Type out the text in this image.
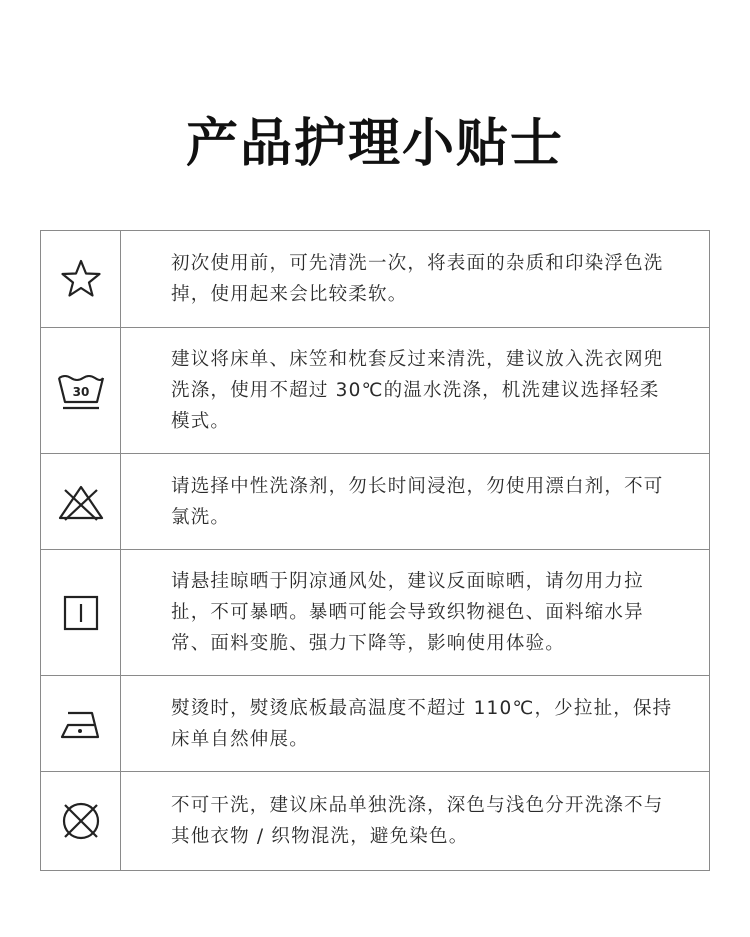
产品护理小贴士

初次使用前，可先清洗一次，将表面的杂质和印染浮色洗掉，使用起来会比较柔软。

30

建议将床单、床笠和枕套反过来清洗，建议放入洗衣网兜洗涤，使用不超过 30℃的温水洗涤，机洗建议选择轻柔模式。

请选择中性洗涤剂，勿长时间浸泡，勿使用漂白剂，不可氯洗。

请悬挂晾晒于阴凉通风处，建议反面晾晒，请勿用力拉扯，不可暴晒。暴晒可能会导致织物褪色、面料缩水异常、面料变脆、强力下降等，影响使用体验。

熨烫时，熨烫底板最高温度不超过 110℃，少拉扯，保持床单自然伸展。

不可干洗，建议床品单独洗涤，深色与浅色分开洗涤不与其他衣物 / 织物混洗，避免染色。
